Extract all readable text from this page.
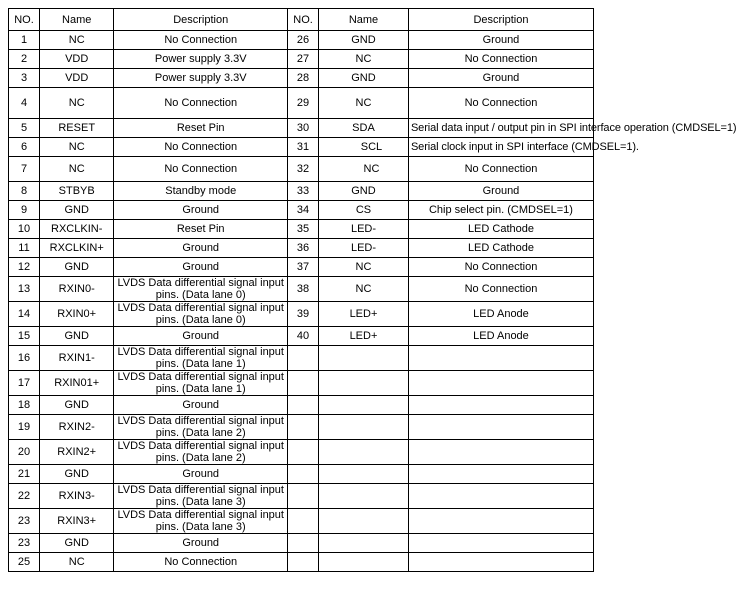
NO.	Name	Description	NO.	Name	Description
1	NC	No Connection	26	GND	Ground
2	VDD	Power supply 3.3V	27	NC	No Connection
3	VDD	Power supply 3.3V	28	GND	Ground
4	NC	No Connection	29	NC	No Connection
5	RESET	Reset Pin	30	SDA	Serial data input / output pin in SPI interface operation (CMDSEL=1)
6	NC	No Connection	31	SCL	Serial clock input in SPI interface (CMDSEL=1).
7	NC	No Connection	32	NC	No Connection
8	STBYB	Standby mode	33	GND	Ground
9	GND	Ground	34	CS	Chip select pin. (CMDSEL=1)
10	RXCLKIN-	Reset Pin	35	LED-	LED Cathode
11	RXCLKIN+	Ground	36	LED-	LED Cathode
12	GND	Ground	37	NC	No Connection
13	RXIN0-	LVDS Data differential signal input pins. (Data lane 0)	38	NC	No Connection
14	RXIN0+	LVDS Data differential signal input pins. (Data lane 0)	39	LED+	LED Anode
15	GND	Ground	40	LED+	LED Anode
16	RXIN1-	LVDS Data differential signal input pins. (Data lane 1)			
17	RXIN01+	LVDS Data differential signal input pins. (Data lane 1)			
18	GND	Ground			
19	RXIN2-	LVDS Data differential signal input pins. (Data lane 2)			
20	RXIN2+	LVDS Data differential signal input pins. (Data lane 2)			
21	GND	Ground			
22	RXIN3-	LVDS Data differential signal input pins. (Data lane 3)			
23	RXIN3+	LVDS Data differential signal input pins. (Data lane 3)			
23	GND	Ground			
25	NC	No Connection			
